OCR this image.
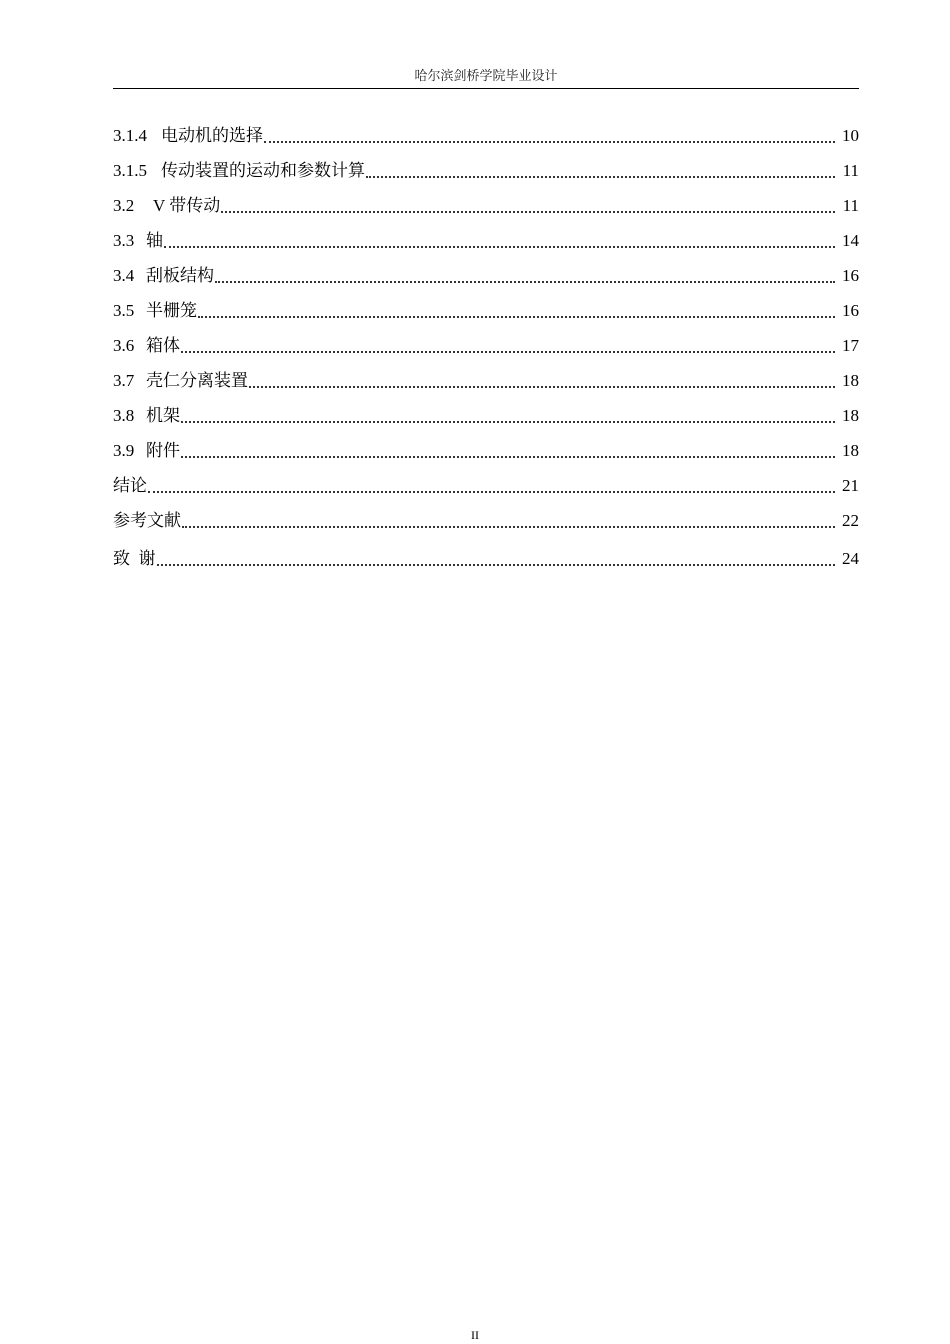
哈尔滨剑桥学院毕业设计
3.1.4 电动机的选择	10
3.1.5 传动装置的运动和参数计算	11
3.2	V 带传动	11
3.3 轴	14
3.4 刮板结构	16
3.5 半栅笼	16
3.6 箱体	17
3.7 壳仁分离装置	18
3.8 机架	18
3.9 附件	18
结论	21
参考文献	22
致  谢	24
II
